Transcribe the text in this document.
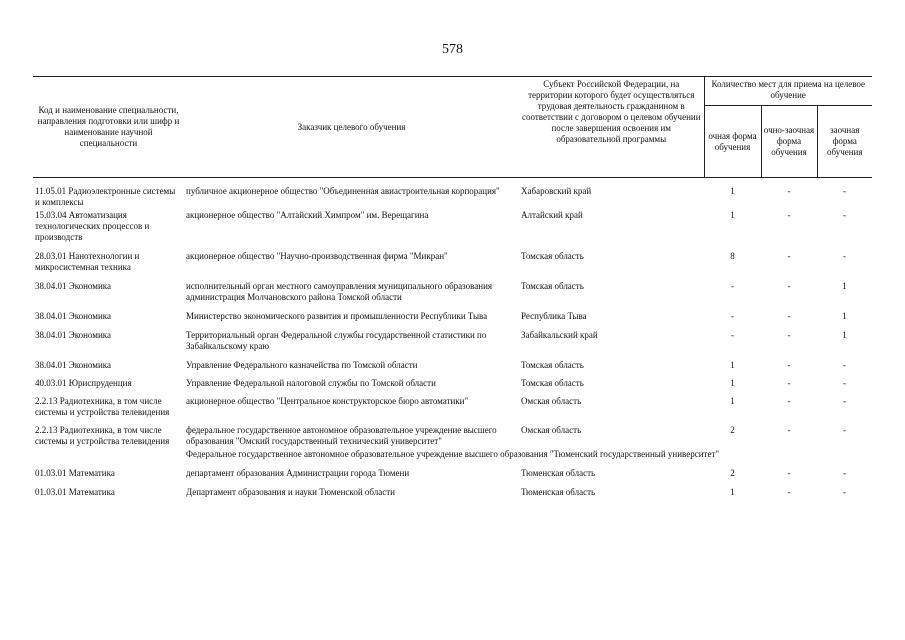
578
Код и наименование специальности, направления подготовки или шифр и наименование научной специальности	Заказчик целевого обучения	Субъект Российской Федерации, на территории которого будет осуществляться трудовая деятельность гражданином в соответствии с договором о целевом обучении после завершения освоения им образовательной программы	Количество мест для приема на целевое обучение		
			очная форма обучения	очно-заочная форма обучения	заочная форма обучения

11.05.01 Радиоэлектронные системы и комплексы	публичное акционерное общество "Объединенная авиастроительная корпорация"	Хабаровский край	1	-	-
15.03.04 Автоматизация технологических процессов и производств	акционерное общество "Алтайский Химпром" им. Верещагина	Алтайский край	1	-	-
28.03.01 Нанотехнологии и микросистемная техника	акционерное общество "Научно-производственная фирма "Микран"	Томская область	8	-	-
38.04.01 Экономика	исполнительный орган местного самоуправления муниципального образования администрация Молчановского района Томской области	Томская область	-	-	1
38.04.01 Экономика	Министерство экономического развития и промышленности Республики Тыва	Республика Тыва	-	-	1
38.04.01 Экономика	Территориальный орган Федеральной службы государственной статистики по Забайкальскому краю	Забайкальский край	-	-	1
38.04.01 Экономика	Управление Федерального казначейства по Томской области	Томская область	1	-	-
40.03.01 Юриспруденция	Управление Федеральной налоговой службы по Томской области	Томская область	1	-	-
2.2.13 Радиотехника, в том числе системы и устройства телевидения	акционерное общество "Центральное конструкторское бюро автоматики"	Омская область	1	-	-
2.2.13 Радиотехника, в том числе системы и устройства телевидения	федеральное государственное автономное образовательное учреждение высшего образования "Омский государственный технический университет"	Омская область	2	-	-
Федеральное государственное автономное образовательное учреждение высшего образования "Тюменский государственный университет"					
01.03.01 Математика	департамент образования Администрации города Тюмени	Тюменская область	2	-	-
01.03.01 Математика	Департамент образования и науки Тюменской области	Тюменская область	1	-	-
